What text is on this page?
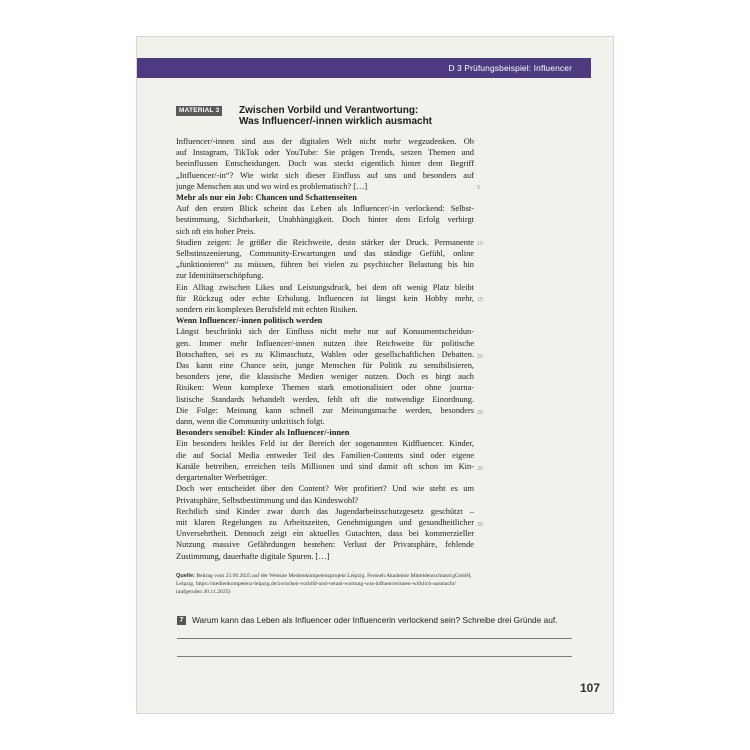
D 3 Prüfungsbeispiel: Influencer
MATERIAL 3	Zwischen Vorbild und Verantwortung:
Was Influencer/-innen wirklich ausmacht
Influencer/-innen sind aus der digitalen Welt nicht mehr wegzudenken. Ob
auf Instagram, TikTok oder YouTube: Sie prägen Trends, setzen Themen und
beeinflussen Entscheidungen. Doch was steckt eigentlich hinter dem Begriff
„Influencer/-in“? Wie wirkt sich dieser Einfluss auf uns und besonders auf
junge Menschen aus und wo wird es problematisch? […]
Mehr als nur ein Job: Chancen und Schattenseiten
Auf den ersten Blick scheint das Leben als Influencer/-in verlockend: Selbst-
bestimmung, Sichtbarkeit, Unabhängigkeit. Doch hinter dem Erfolg verbirgt
sich oft ein hoher Preis.
Studien zeigen: Je größer die Reichweite, desto stärker der Druck. Permanente
Selbstinszenierung, Community-Erwartungen und das ständige Gefühl, online
„funktionieren“ zu müssen, führen bei vielen zu psychischer Belastung bis hin
zur Identitätserschöpfung.
Ein Alltag zwischen Likes und Leistungsdruck, bei dem oft wenig Platz bleibt
für Rückzug oder echte Erholung. Influencen ist längst kein Hobby mehr,
sondern ein komplexes Berufsfeld mit echten Risiken.
Wenn Influencer/-innen politisch werden
Längst beschränkt sich der Einfluss nicht mehr nur auf Konsumentscheidun-
gen. Immer mehr Influencer/-innen nutzen ihre Reichweite für politische
Botschaften, sei es zu Klimaschutz, Wahlen oder gesellschaftlichen Debatten.
Das kann eine Chance sein, junge Menschen für Politik zu sensibilisieren,
besonders jene, die klassische Medien weniger nutzen. Doch es birgt auch
Risiken: Wenn komplexe Themen stark emotionalisiert oder ohne journa-
listische Standards behandelt werden, fehlt oft die notwendige Einordnung.
Die Folge: Meinung kann schnell zur Meinungsmache werden, besonders
dann, wenn die Community unkritisch folgt.
Besonders sensibel: Kinder als Influencer/-innen
Ein besonders heikles Feld ist der Bereich der sogenannten Kidfluencer. Kinder,
die auf Social Media entweder Teil des Familien-Contents sind oder eigene
Kanäle betreiben, erreichen teils Millionen und sind damit oft schon im Kin-
dergartenalter Werbeträger.
Doch wer entscheidet über den Content? Wer profitiert? Und wie steht es um
Privatsphäre, Selbstbestimmung und das Kindeswohl?
Rechtlich sind Kinder zwar durch das Jugendarbeitsschutzgesetz geschützt –
mit klaren Regelungen zu Arbeitszeiten, Genehmigungen und gesundheitlicher
Unversehrtheit. Dennoch zeigt ein aktuelles Gutachten, dass bei kommerzieller
Nutzung massive Gefährdungen bestehen: Verlust der Privatsphäre, fehlende
Zustimmung, dauerhafte digitale Spuren. […]
5
10
15
20
25
30
35
Quelle: Beitrag vom 23.09.2025 auf der Website Medienkompetenzprojekt Leipzig. Fernseh Akademie Mitteldeutschland gGmbH, Leipzig. https://medienkompetenz-leipzig.de/zwischen-vorbild-und-verant-wortung-was-influencerinnen-wirklich-ausmacht/ (aufgerufen 30.11.2025)
7	Warum kann das Leben als Influencer oder Influencerin verlockend sein? Schreibe drei Gründe auf.
107
